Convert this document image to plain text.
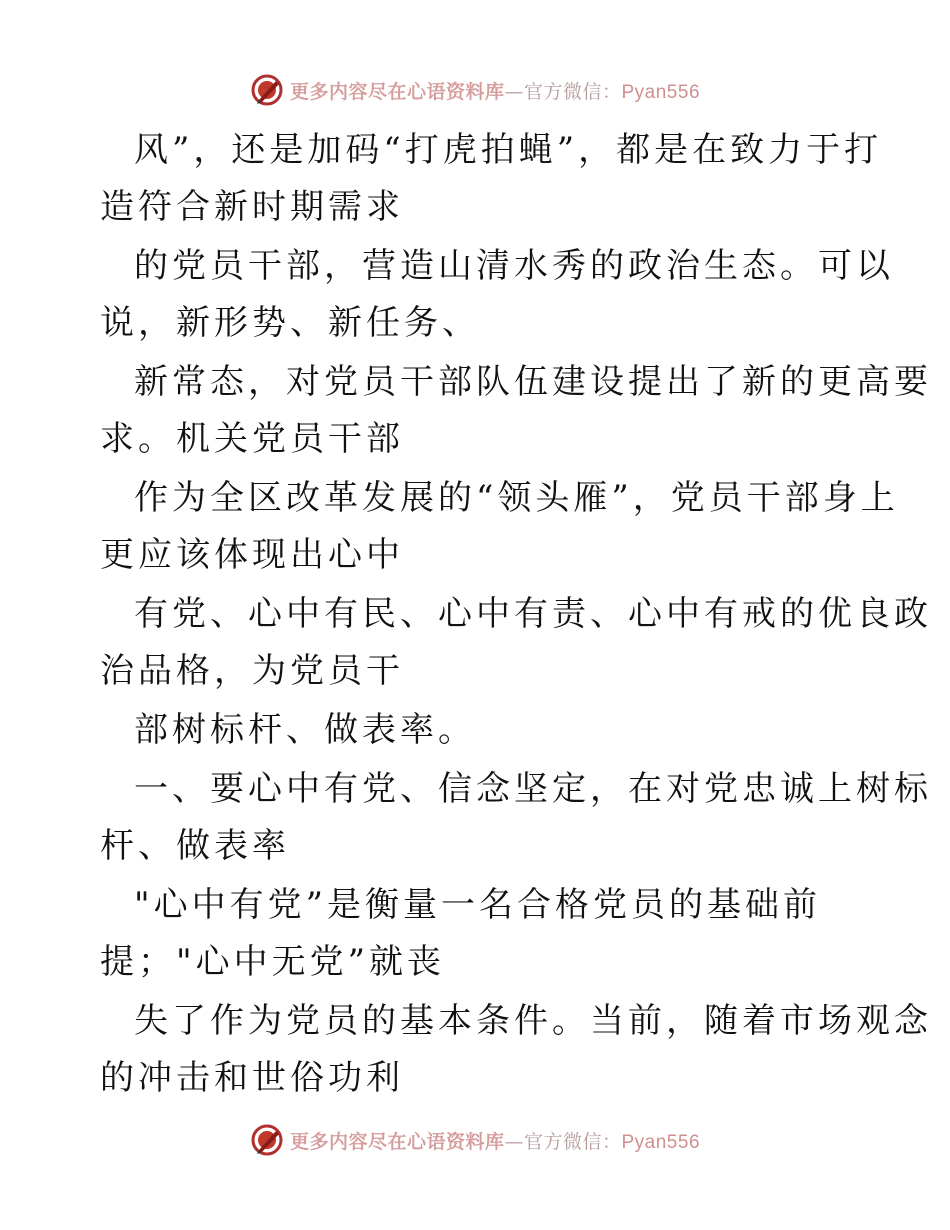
更多内容尽在心语资料库—官方微信：Pyan556
风”，还是加码“打虎拍蝇”，都是在致力于打
造符合新时期需求
的党员干部，营造山清水秀的政治生态。可以
说，新形势、新任务、
新常态，对党员干部队伍建设提出了新的更高要
求。机关党员干部
作为全区改革发展的“领头雁”，党员干部身上
更应该体现出心中
有党、心中有民、心中有责、心中有戒的优良政
治品格，为党员干
部树标杆、做表率。
一、要心中有党、信念坚定，在对党忠诚上树标
杆、做表率
"心中有党”是衡量一名合格党员的基础前
提；"心中无党”就丧
失了作为党员的基本条件。当前，随着市场观念
的冲击和世俗功利
更多内容尽在心语资料库—官方微信：Pyan556
